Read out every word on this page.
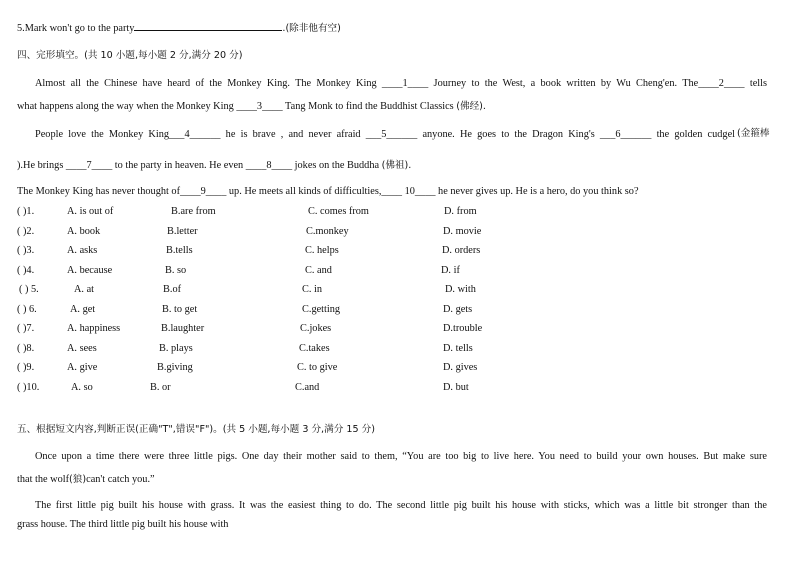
5.Mark won't go to the party	.(除非他有空)
四、完形填空。(共 10 小题,每小题 2 分,满分 20 分)
Almost all the Chinese have heard of the Monkey King. The Monkey King ____1____ Journey to the West, a book written by Wu Cheng'en. The____2____ tells
what happens along the way when the Monkey King ____3____ Tang Monk to find the Buddhist Classics (佛经).
People love the Monkey King___4______ he is brave , and never afraid ___5______ anyone. He goes to the Dragon King's ___6______ the golden cudgel (金箍棒
).He brings ____7____ to the party in heaven. He even ____8____ jokes on the Buddha (佛祖).
The Monkey King has never thought of____9____ up. He meets all kinds of difficulties,____ 10____ he never gives up. He is a hero, do you think so?
( )1.	A. is out of	B.are from	C. comes from	D. from
( )2.	A. book	B.letter	C.monkey	D. movie
( )3.	A. asks	B.tells	C. helps	D. orders
( )4.	A. because	B. so	C. and	D. if
( ) 5.	A. at	B.of	C. in	D. with
( ) 6.	A. get	B. to get	C.getting	D. gets
( )7.	A. happiness	B.laughter	C.jokes	D.trouble
( )8.	A. sees	B. plays	C.takes	D. tells
( )9.	A. give	B.giving	C. to give	D. gives
( )10.	A. so	B. or	C.and	D. but
五、根据短文内容,判断正误(正确"T",错误"F")。(共 5 小题,每小题 3 分,满分 15 分)
Once upon a time there were three little pigs. One day their mother said to them, “You are too big to live here. You need to build your own houses. But make sure
that the wolf(狼)can't catch you.”
The first little pig built his house with grass. It was the easiest thing to do. The second little pig built his house with sticks, which was a little bit stronger than the
grass house. The third little pig built his house with
